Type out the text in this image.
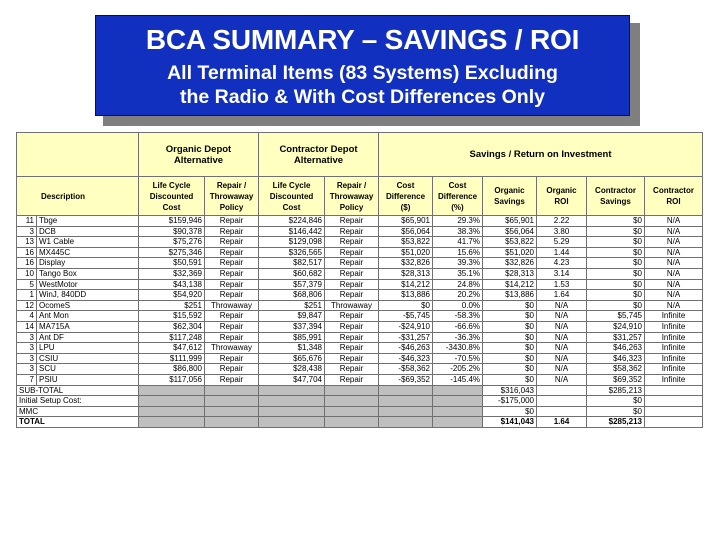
BCA SUMMARY – SAVINGS / ROI
All Terminal Items (83 Systems) Excluding
the Radio & With Cost Differences Only
		Organic Depot Alternative		Contractor Depot Alternative		Savings / Return on Investment					
Description		Life Cycle Discounted Cost	Repair / Throwaway Policy	Life Cycle Discounted Cost	Repair / Throwaway Policy	Cost Difference ($)	Cost Difference (%)	Organic Savings	Organic ROI	Contractor Savings	Contractor ROI
11	Tbge	$159,946	Repair	$224,846	Repair	$65,901	29.3%	$65,901	2.22	$0	N/A
3	DCB	$90,378	Repair	$146,442	Repair	$56,064	38.3%	$56,064	3.80	$0	N/A
13	W1 Cable	$75,276	Repair	$129,098	Repair	$53,822	41.7%	$53,822	5.29	$0	N/A
16	MX445C	$275,346	Repair	$326,565	Repair	$51,020	15.6%	$51,020	1.44	$0	N/A
16	Display	$50,591	Repair	$82,517	Repair	$32,826	39.3%	$32,826	4.23	$0	N/A
10	Tango Box	$32,369	Repair	$60,682	Repair	$28,313	35.1%	$28,313	3.14	$0	N/A
5	WestMotor	$43,138	Repair	$57,379	Repair	$14,212	24.8%	$14,212	1.53	$0	N/A
1	WinJ, 840DD	$54,920	Repair	$68,806	Repair	$13,886	20.2%	$13,886	1.64	$0	N/A
12	OcomeS	$251	Throwaway	$251	Throwaway	$0	0.0%	$0	N/A	$0	N/A
4	Ant Mon	$15,592	Repair	$9,847	Repair	-$5,745	-58.3%	$0	N/A	$5,745	Infinite
14	MA715A	$62,304	Repair	$37,394	Repair	-$24,910	-66.6%	$0	N/A	$24,910	Infinite
3	Ant DF	$117,248	Repair	$85,991	Repair	-$31,257	-36.3%	$0	N/A	$31,257	Infinite
3	LPU	$47,612	Throwaway	$1,348	Repair	-$46,263	-3430.8%	$0	N/A	$46,263	Infinite
3	CSIU	$111,999	Repair	$65,676	Repair	-$46,323	-70.5%	$0	N/A	$46,323	Infinite
3	SCU	$86,800	Repair	$28,438	Repair	-$58,362	-205.2%	$0	N/A	$58,362	Infinite
7	PSIU	$117,056	Repair	$47,704	Repair	-$69,352	-145.4%	$0	N/A	$69,352	Infinite
SUB-TOTAL								$316,043		$285,213	
Initial Setup Cost:								-$175,000		$0	
MMC								$0		$0	
TOTAL								$141,043	1.64	$285,213	
